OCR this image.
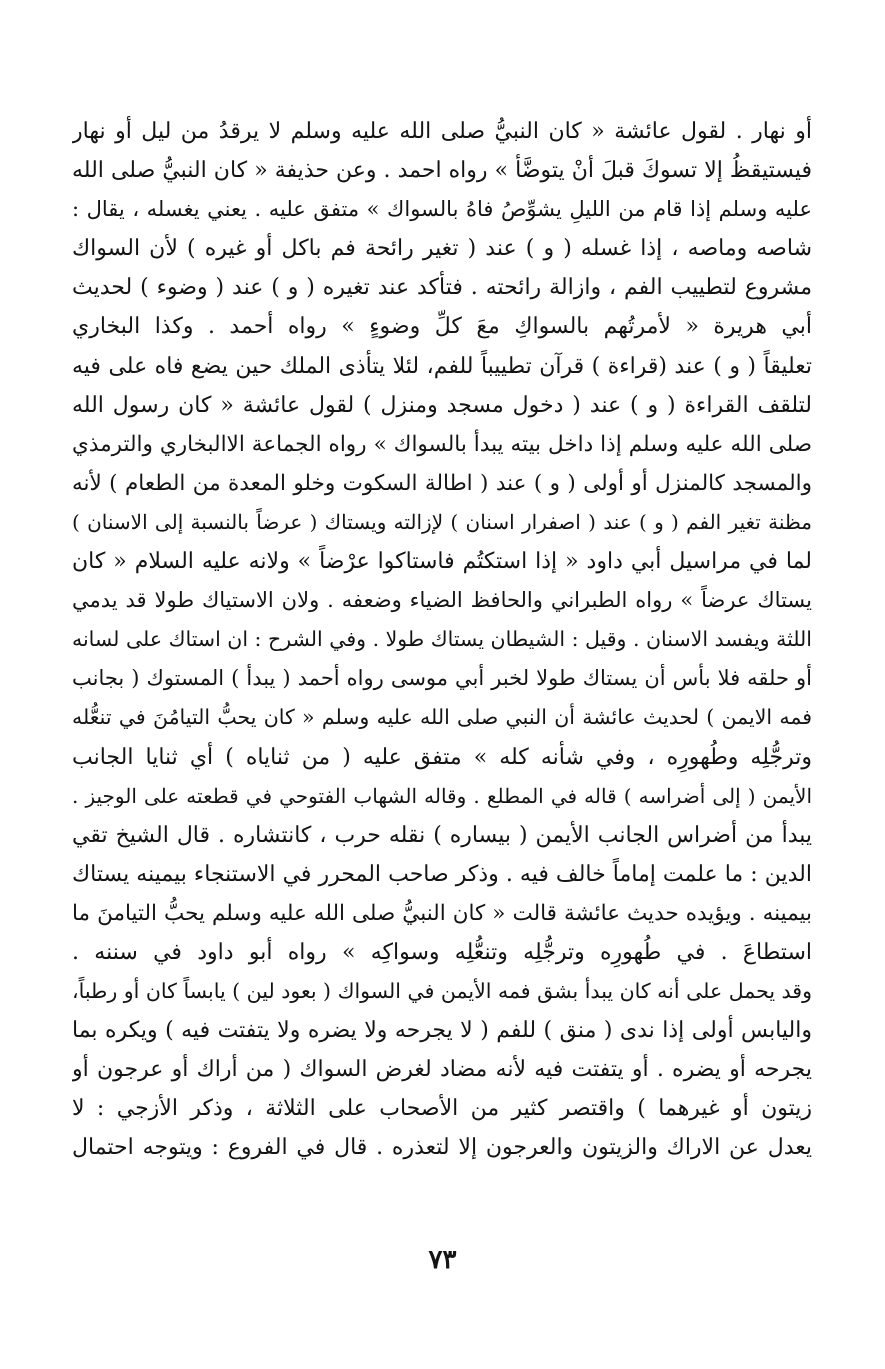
أو نهار . لقول عائشة « كان النبيُّ صلى الله عليه وسلم لا يرقدُ من ليل أو نهار
فيستيقظُ إلا تسوكَ قبلَ أنْ يتوضَّأ » رواه احمد . وعن حذيفة « كان النبيُّ صلى الله
عليه وسلم إذا قام من الليلِ يشوِّصُ فاهُ بالسواك » متفق عليه . يعني يغسله ، يقال :
شاصه وماصه ، إذا غسله ( و ) عند ( تغير رائحة فم باكل أو غيره ) لأن السواك
مشروع لتطييب الفم ، وازالة رائحته . فتأكد عند تغيره ( و ) عند ( وضوء ) لحديث
أبي هريرة « لأمرتُهم بالسواكِ معَ كلِّ وضوءٍ » رواه أحمد . وكذا البخاري
تعليقاً ( و ) عند (قراءة ) قرآن تطييباً للفم، لئلا يتأذى الملك حين يضع فاه على فيه
لتلقف القراءة ( و ) عند ( دخول مسجد ومنزل ) لقول عائشة « كان رسول الله
صلى الله عليه وسلم إذا داخل بيته يبدأ بالسواك » رواه الجماعة الاالبخاري والترمذي
والمسجد كالمنزل أو أولى ( و ) عند ( اطالة السكوت وخلو المعدة من الطعام ) لأنه
مظنة تغير الفم ( و ) عند ( اصفرار اسنان ) لإزالته ويستاك ( عرضاً بالنسبة إلى الاسنان )
لما في مراسيل أبي داود « إذا استكتُم فاستاكوا عرْضاً » ولانه عليه السلام « كان
يستاك عرضاً » رواه الطبراني والحافظ الضياء وضعفه . ولان الاستياك طولا قد يدمي
اللثة ويفسد الاسنان . وقيل : الشيطان يستاك طولا . وفي الشرح : ان استاك على لسانه
أو حلقه فلا بأس أن يستاك طولا لخبر أبي موسى رواه أحمد ( يبدأ ) المستوك ( بجانب
فمه الايمن ) لحديث عائشة أن النبي صلى الله عليه وسلم « كان يحبُّ التيامُنَ في تنعُّله
وترجُّلِه وطُهورِه ، وفي شأنه كله » متفق عليه ( من ثناياه ) أي ثنايا الجانب
الأيمن ( إلى أضراسه ) قاله في المطلع . وقاله الشهاب الفتوحي في قطعته على الوجيز .
يبدأ من أضراس الجانب الأيمن ( بيساره ) نقله حرب ، كانتشاره . قال الشيخ تقي
الدين : ما علمت إماماً خالف فيه . وذكر صاحب المحرر في الاستنجاء بيمينه يستاك
بيمينه . ويؤيده حديث عائشة قالت « كان النبيُّ صلى الله عليه وسلم يحبُّ التيامنَ ما
استطاعَ . في طُهورِه وترجُّلِه وتنعُّلِه وسواكِه » رواه أبو داود في سننه .
وقد يحمل على أنه كان يبدأ بشق فمه الأيمن في السواك ( بعود لين ) يابساً كان أو رطباً،
واليابس أولى إذا ندى ( منق ) للفم ( لا يجرحه ولا يضره ولا يتفتت فيه ) ويكره بما
يجرحه أو يضره . أو يتفتت فيه لأنه مضاد لغرض السواك ( من أراك أو عرجون أو
زيتون أو غيرهما ) واقتصر كثير من الأصحاب على الثلاثة ، وذكر الأزجي : لا
يعدل عن الاراك والزيتون والعرجون إلا لتعذره . قال في الفروع : ويتوجه احتمال
٧٣
